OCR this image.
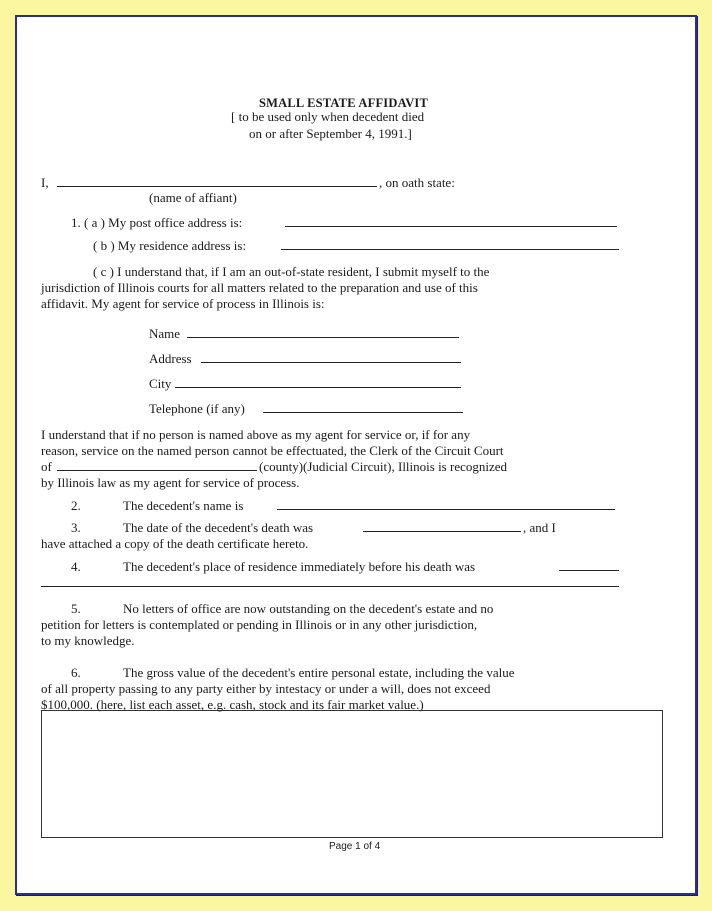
SMALL ESTATE AFFIDAVIT
[ to be used only when decedent died
on or after September 4, 1991.]
I,	, on oath state:
(name of affiant)
1. ( a ) My post office address is:
( b ) My residence address is:
( c ) I understand that, if I am an out-of-state resident, I submit myself to the
jurisdiction of Illinois courts for all matters related to the preparation and use of this
affidavit. My agent for service of process in Illinois is:
Name
Address
City
Telephone (if any)
I understand that if no person is named above as my agent for service or, if for any
reason, service on the named person cannot be effectuated, the Clerk of the Circuit Court
of	(county)(Judicial Circuit), Illinois is recognized
by Illinois law as my agent for service of process.
2.	The decedent's name is
3.	The date of the decedent's death was	, and I
have attached a copy of the death certificate hereto.
4.	The decedent's place of residence immediately before his death was
5.	No letters of office are now outstanding on the decedent's estate and no
petition for letters is contemplated or pending in Illinois or in any other jurisdiction,
to my knowledge.
6.	The gross value of the decedent's entire personal estate, including the value
of all property passing to any party either by intestacy or under a will, does not exceed
$100,000. (here, list each asset, e.g. cash, stock and its fair market value.)
Page 1 of 4
